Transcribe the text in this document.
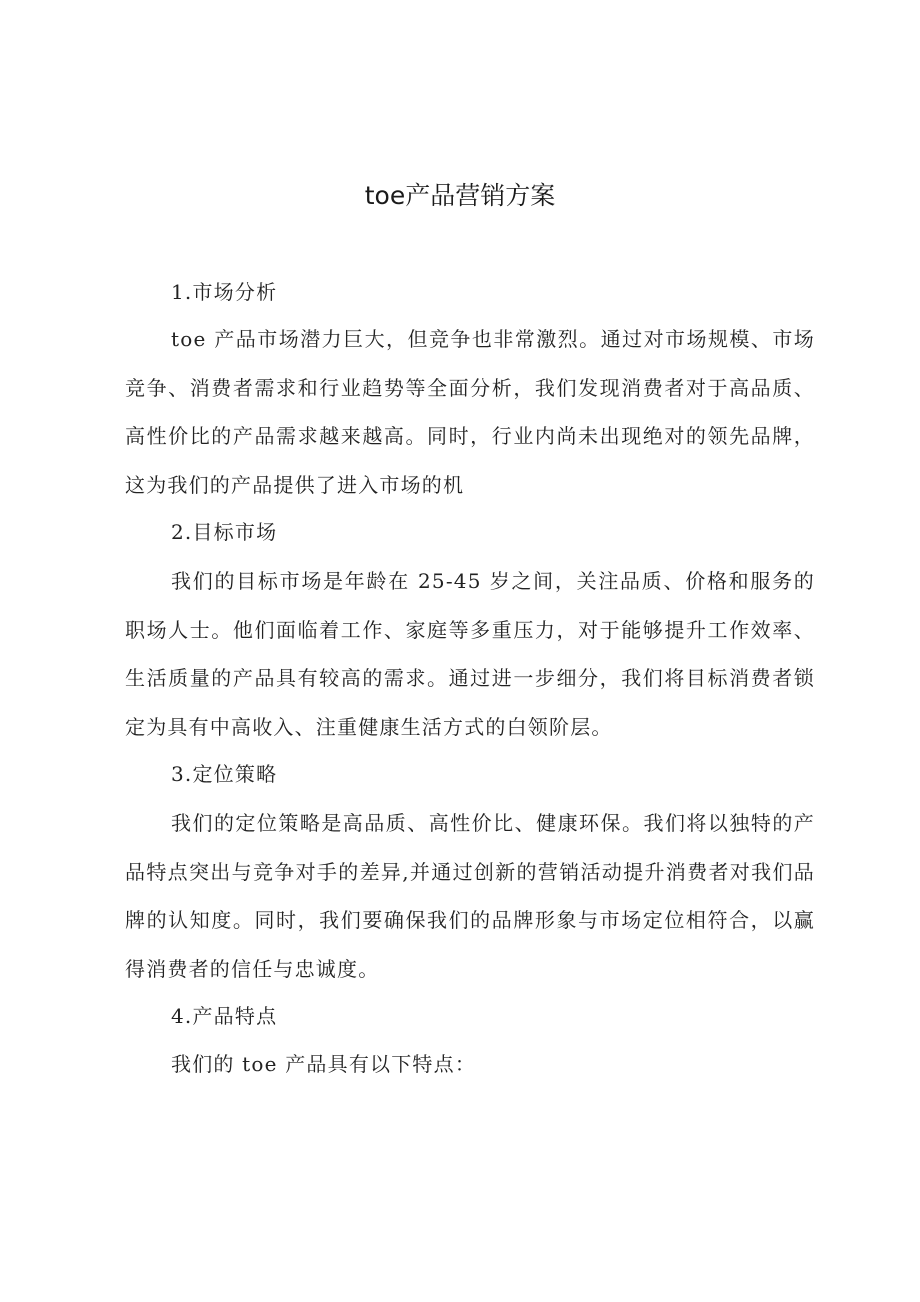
toe产品营销方案
1.市场分析

toe 产品市场潜力巨大，但竞争也非常激烈。通过对市场规模、市场竞争、消费者需求和行业趋势等全面分析，我们发现消费者对于高品质、高性价比的产品需求越来越高。同时，行业内尚未出现绝对的领先品牌，这为我们的产品提供了进入市场的机

2.目标市场

我们的目标市场是年龄在 25-45 岁之间，关注品质、价格和服务的职场人士。他们面临着工作、家庭等多重压力，对于能够提升工作效率、生活质量的产品具有较高的需求。通过进一步细分，我们将目标消费者锁定为具有中高收入、注重健康生活方式的白领阶层。

3.定位策略

我们的定位策略是高品质、高性价比、健康环保。我们将以独特的产品特点突出与竞争对手的差异,并通过创新的营销活动提升消费者对我们品牌的认知度。同时，我们要确保我们的品牌形象与市场定位相符合，以赢得消费者的信任与忠诚度。

4.产品特点

我们的 toe 产品具有以下特点：
